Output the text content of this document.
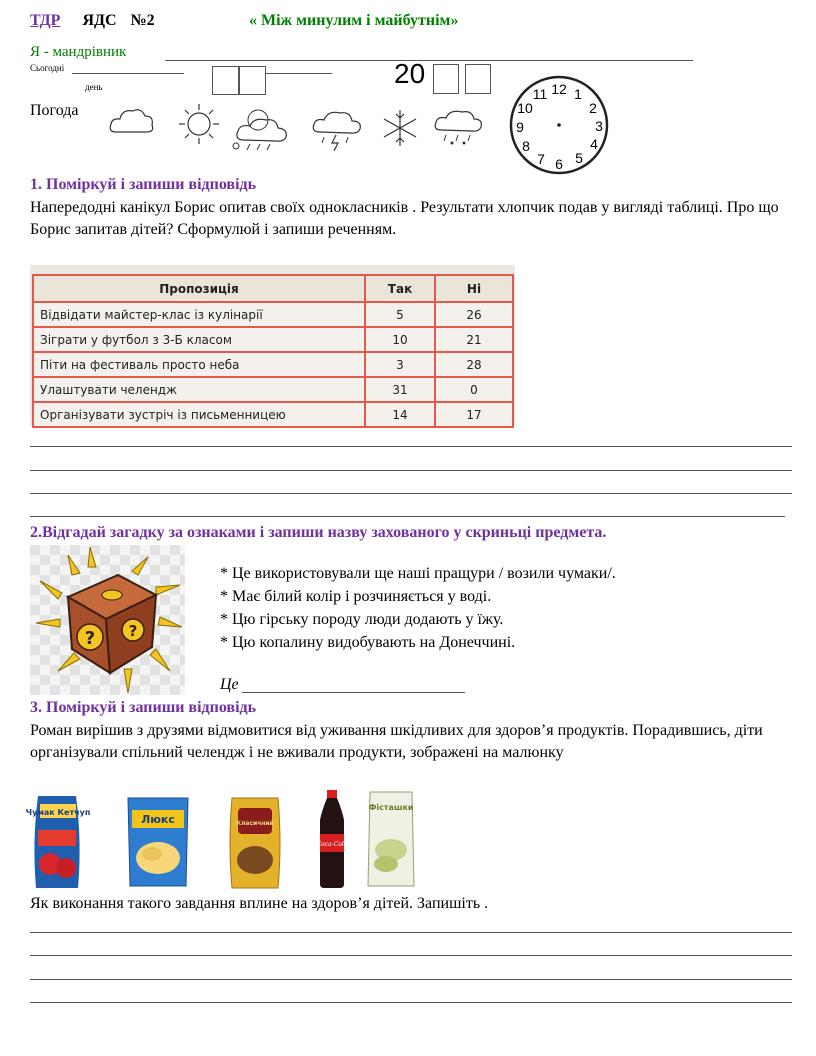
ТДР ЯДС №2	« Між минулим і майбутнім»
Я - мандрівник
Сьогодні
день	20
Погода
12 1
2
3
4
5
6
7
8
9
10
11
1. Поміркуй і запиши відповідь
Напередодні канікул Борис опитав своїх однокласників . Результати хлопчик подав у вигляді таблиці. Про що Борис запитав дітей? Сформулюй і запиши реченням.
Пропозиція	Так	Ні
Відвідати майстер-клас із кулінарії	5	26
Зіграти у футбол з 3-Б класом	10	21
Піти на фестиваль просто неба	3	28
Улаштувати челендж	31	0
Організувати зустріч із письменницею	14	17
2.Відгадай загадку за ознаками і запиши назву захованого у скриньці предмета.
? ?
* Це використовували ще наші пращури / возили чумаки/.
* Має білий колір і розчиняється у воді.
* Цю гірську породу люди додають у їжу.
* Цю копалину видобувають на Донеччині.
Це
3. Поміркуй і запиши відповідь
Роман вирішив з друзями відмовитися від уживання шкідливих для здоров’я продуктів. Порадившись, діти організували спільний челендж і не вживали продукти, зображені на малюнку
Чумак Кетчуп
Люкс	Класичний
Coca-Cola
Фісташки
Як виконання такого завдання вплине на здоров’я дітей. Запишіть .
